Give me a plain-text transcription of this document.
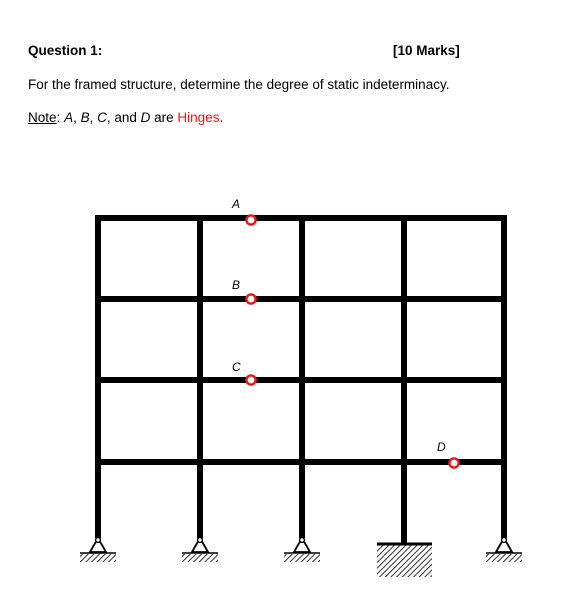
Question 1:	[10 Marks]
For the framed structure, determine the degree of static indeterminacy.
Note: A, B, C, and D are Hinges.
A
B
C
D
